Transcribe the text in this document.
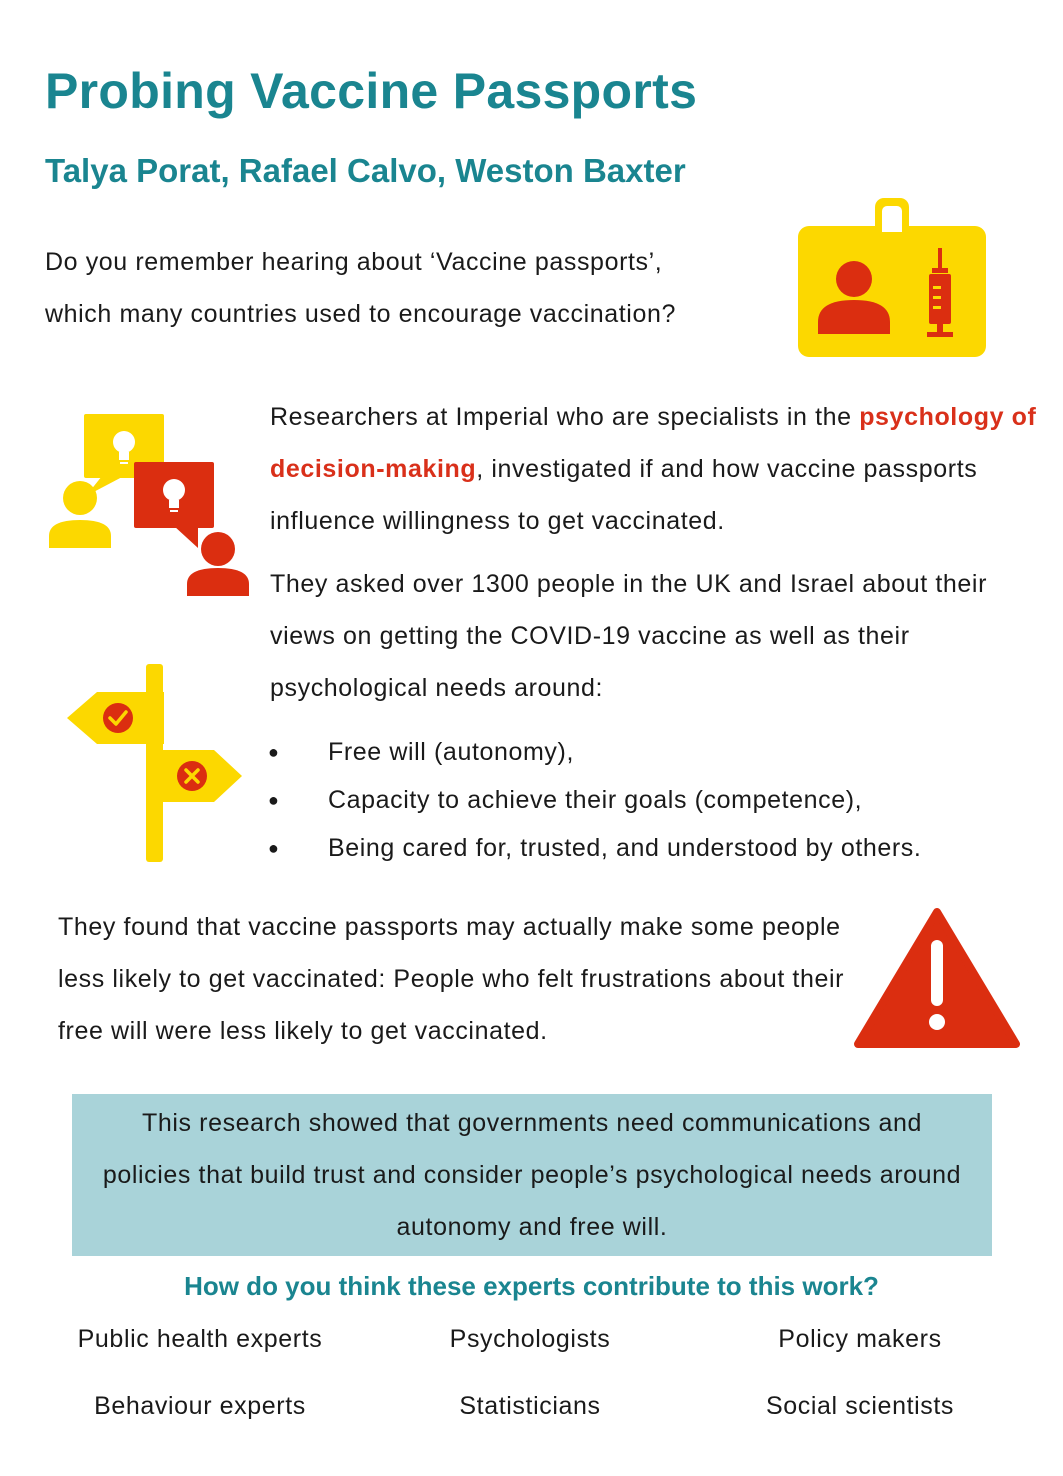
Probing Vaccine Passports
Talya Porat, Rafael Calvo, Weston Baxter
Do you remember hearing about ‘Vaccine passports’,
which many countries used to encourage vaccination?
Researchers at Imperial who are specialists in the psychology of decision-making, investigated if and how vaccine passports influence willingness to get vaccinated.
They asked over 1300 people in the UK and Israel about their views on getting the COVID-19 vaccine as well as their psychological needs around:
● Free will (autonomy),
● Capacity to achieve their goals (competence),
● Being cared for, trusted, and understood by others.
They found that vaccine passports may actually make some people less likely to get vaccinated: People who felt frustrations about their free will were less likely to get vaccinated.

This research showed that governments need communications and policies that build trust and consider people’s psychological needs around autonomy and free will.

How do you think these experts contribute to this work?

Public health experts	Psychologists	Policy makers
Behaviour experts	Statisticians	Social scientists
